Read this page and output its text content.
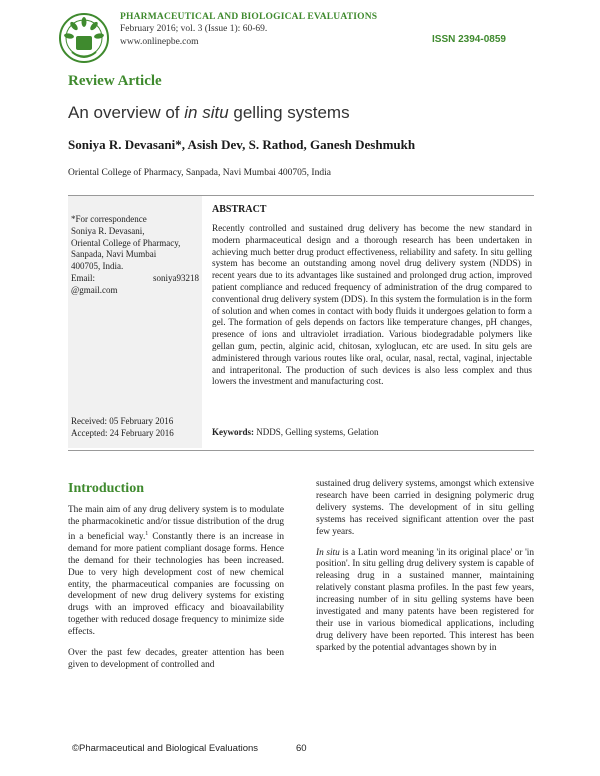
PHARMACEUTICAL AND BIOLOGICAL EVALUATIONS
February 2016; vol. 3 (Issue 1): 60-69.
www.onlinepbe.com	ISSN 2394-0859
Review Article
An overview of in situ gelling systems
Soniya R. Devasani*, Asish Dev, S. Rathod, Ganesh Deshmukh
Oriental College of Pharmacy, Sanpada, Navi Mumbai 400705, India
*For correspondence
Soniya R. Devasani,
Oriental College of Pharmacy,
Sanpada, Navi Mumbai
400705, India.
Email:	soniya93218
@gmail.com
Received: 05 February 2016
Accepted: 24 February 2016
ABSTRACT
Recently controlled and sustained drug delivery has become the new standard in modern pharmaceutical design and a thorough research has been undertaken in achieving much better drug product effectiveness, reliability and safety. In situ gelling system has become an outstanding among novel drug delivery system (NDDS) in recent years due to its advantages like sustained and prolonged drug action, improved patient compliance and reduced frequency of administration of the drug compared to conventional drug delivery system (DDS). In this system the formulation is in the form of solution and when comes in contact with body fluids it undergoes gelation to form a gel. The formation of gels depends on factors like temperature changes, pH changes, presence of ions and ultraviolet irradiation. Various biodegradable polymers like gellan gum, pectin, alginic acid, chitosan, xyloglucan, etc are used. In situ gels are administered through various routes like oral, ocular, nasal, rectal, vaginal, injectable and intraperitonal. The production of such devices is also less complex and thus lowers the investment and manufacturing cost.
Keywords: NDDS, Gelling systems, Gelation
Introduction

The main aim of any drug delivery system is to modulate the pharmacokinetic and/or tissue distribution of the drug in a beneficial way.$^1$ Constantly there is an increase in demand for more patient compliant dosage forms. Hence the demand for their technologies has been increased. Due to very high development cost of new chemical entity, the pharmaceutical companies are focussing on development of new drug delivery systems for existing drugs with an improved efficacy and bioavailability together with reduced dosage frequency to minimize side effects.

Over the past few decades, greater attention has been given to development of controlled and

sustained drug delivery systems, amongst which extensive research have been carried in designing polymeric drug delivery systems. The development of in situ gelling systems has received significant attention over the past few years.

In situ is a Latin word meaning 'in its original place' or 'in position'. In situ gelling drug delivery system is capable of releasing drug in a sustained manner, maintaining relatively constant plasma profiles. In the past few years, increasing number of in situ gelling systems have been investigated and many patents have been registered for their use in various biomedical applications, including drug delivery have been reported. This interest has been sparked by the potential advantages shown by in

©Pharmaceutical and Biological Evaluations	60
